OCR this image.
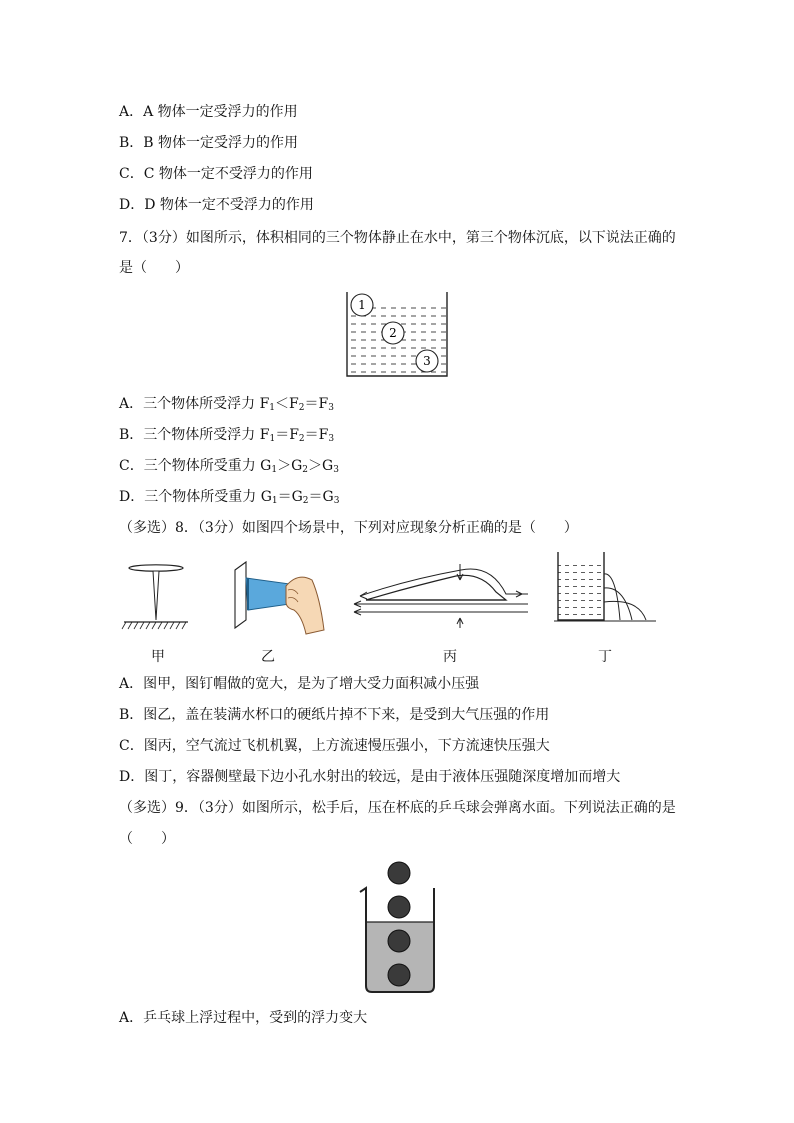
A．A 物体一定受浮力的作用
B．B 物体一定受浮力的作用
C．C 物体一定不受浮力的作用
D．D 物体一定不受浮力的作用
7．（3分）如图所示，体积相同的三个物体静止在水中，第三个物体沉底，以下说法正确的
是（　　）
1
2
3
A．三个物体所受浮力 $F_1<F_2=F_3$
B．三个物体所受浮力 $F_1=F_2=F_3$
C．三个物体所受重力 $G_1>G_2>G_3$
D．三个物体所受重力 $G_1=G_2=G_3$
（多选）8．（3分）如图四个场景中，下列对应现象分析正确的是（　　）
甲	乙	丙	丁
A．图甲，图钉帽做的宽大，是为了增大受力面积减小压强
B．图乙，盖在装满水杯口的硬纸片掉不下来，是受到大气压强的作用
C．图丙，空气流过飞机机翼，上方流速慢压强小，下方流速快压强大
D．图丁，容器侧壁最下边小孔水射出的较远，是由于液体压强随深度增加而增大
（多选）9．（3分）如图所示，松手后，压在杯底的乒乓球会弹离水面。下列说法正确的是
（　　）
A．乒乓球上浮过程中，受到的浮力变大
